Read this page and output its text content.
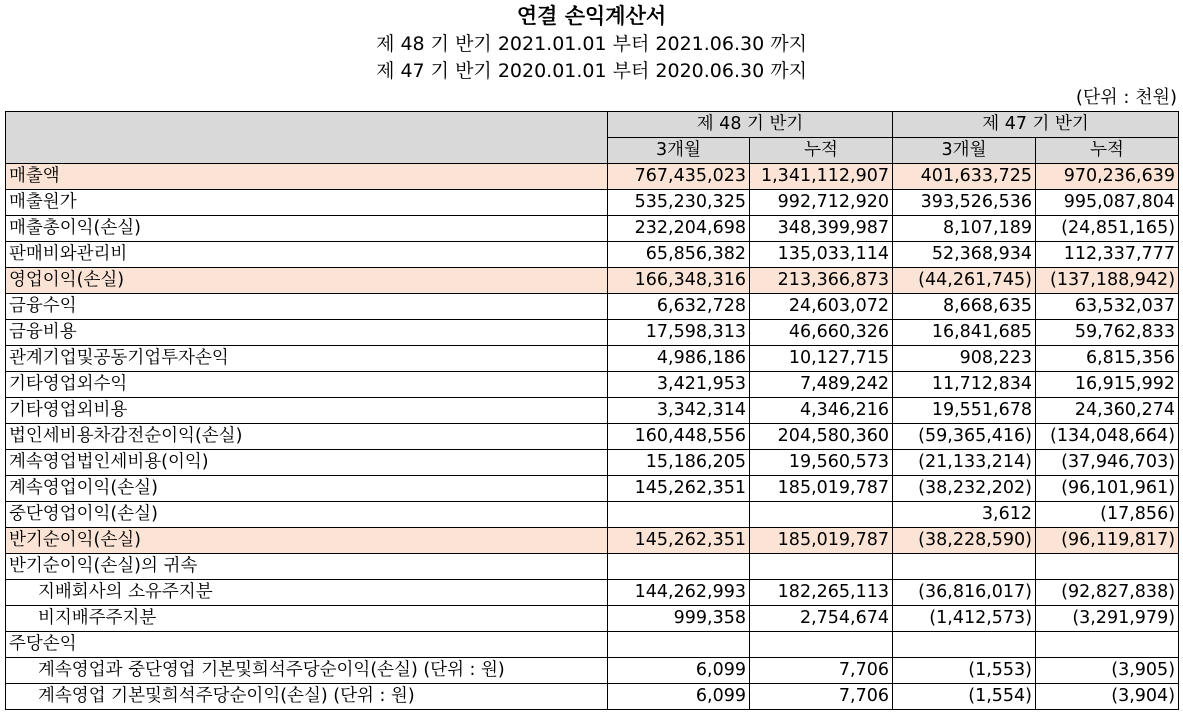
연결 손익계산서
제 48 기 반기 2021.01.01 부터 2021.06.30 까지
제 47 기 반기 2020.01.01 부터 2020.06.30 까지
(단위 : 천원)
	제 48 기 반기		제 47 기 반기	
	3개월	누적	3개월	누적
매출액	767,435,023	1,341,112,907	401,633,725	970,236,639
매출원가	535,230,325	992,712,920	393,526,536	995,087,804
매출총이익(손실)	232,204,698	348,399,987	8,107,189	(24,851,165)
판매비와관리비	65,856,382	135,033,114	52,368,934	112,337,777
영업이익(손실)	166,348,316	213,366,873	(44,261,745)	(137,188,942)
금융수익	6,632,728	24,603,072	8,668,635	63,532,037
금융비용	17,598,313	46,660,326	16,841,685	59,762,833
관계기업및공동기업투자손익	4,986,186	10,127,715	908,223	6,815,356
기타영업외수익	3,421,953	7,489,242	11,712,834	16,915,992
기타영업외비용	3,342,314	4,346,216	19,551,678	24,360,274
법인세비용차감전순이익(손실)	160,448,556	204,580,360	(59,365,416)	(134,048,664)
계속영업법인세비용(이익)	15,186,205	19,560,573	(21,133,214)	(37,946,703)
계속영업이익(손실)	145,262,351	185,019,787	(38,232,202)	(96,101,961)
중단영업이익(손실)			3,612	(17,856)
반기순이익(손실)	145,262,351	185,019,787	(38,228,590)	(96,119,817)
반기순이익(손실)의 귀속				
지배회사의 소유주지분	144,262,993	182,265,113	(36,816,017)	(92,827,838)
비지배주주지분	999,358	2,754,674	(1,412,573)	(3,291,979)
주당손익				
계속영업과 중단영업 기본및희석주당순이익(손실) (단위 : 원)	6,099	7,706	(1,553)	(3,905)
계속영업 기본및희석주당순이익(손실) (단위 : 원)	6,099	7,706	(1,554)	(3,904)
